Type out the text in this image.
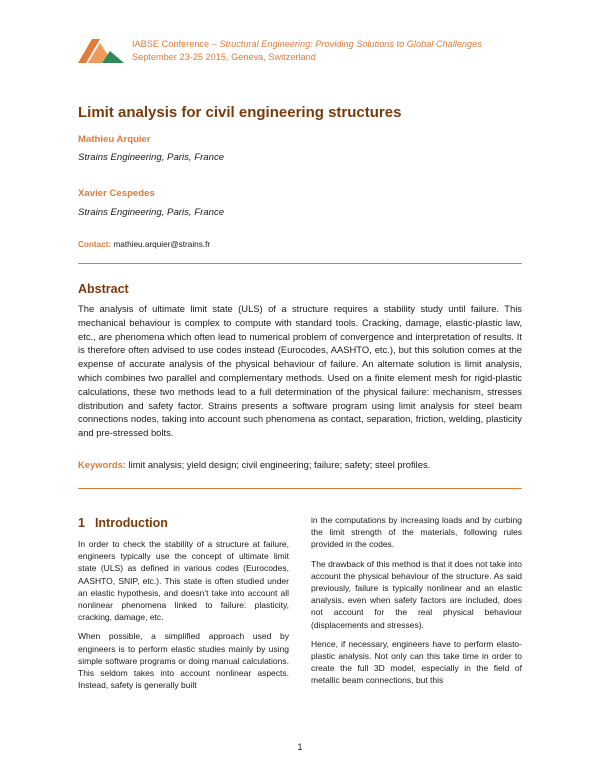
IABSE Conference – Structural Engineering: Providing Solutions to Global Challenges
September 23-25 2015, Geneva, Switzerland
Limit analysis for civil engineering structures
Mathieu Arquier
Strains Engineering, Paris, France
Xavier Cespedes
Strains Engineering, Paris, France
Contact: mathieu.arquier@strains.fr
Abstract

The analysis of ultimate limit state (ULS) of a structure requires a stability study until failure. This mechanical behaviour is complex to compute with standard tools. Cracking, damage, elastic-plastic law, etc., are phenomena which often lead to numerical problem of convergence and interpretation of results. It is therefore often advised to use codes instead (Eurocodes, AASHTO, etc.), but this solution comes at the expense of accurate analysis of the physical behaviour of failure. An alternate solution is limit analysis, which combines two parallel and complementary methods. Used on a finite element mesh for rigid-plastic calculations, these two methods lead to a full determination of the physical failure: mechanism, stresses distribution and safety factor. Strains presents a software program using limit analysis for steel beam connections nodes, taking into account such phenomena as contact, separation, friction, welding, plasticity and pre-stressed bolts.

Keywords: limit analysis; yield design; civil engineering; failure; safety; steel profiles.

1 Introduction

In order to check the stability of a structure at failure, engineers typically use the concept of ultimate limit state (ULS) as defined in various codes (Eurocodes, AASHTO, SNIP, etc.). This state is often studied under an elastic hypothesis, and doesn’t take into account all nonlinear phenomena linked to failure: plasticity, cracking, damage, etc.

When possible, a simplified approach used by engineers is to perform elastic studies mainly by using simple software programs or doing manual calculations. This seldom takes into account nonlinear aspects. Instead, safety is generally built

in the computations by increasing loads and by curbing the limit strength of the materials, following rules provided in the codes.

The drawback of this method is that it does not take into account the physical behaviour of the structure. As said previously, failure is typically nonlinear and an elastic analysis, even when safety factors are included, does not account for the real physical behaviour (displacements and stresses).

Hence, if necessary, engineers have to perform elasto-plastic analysis. Not only can this take time in order to create the full 3D model, especially in the field of metallic beam connections, but this

1
